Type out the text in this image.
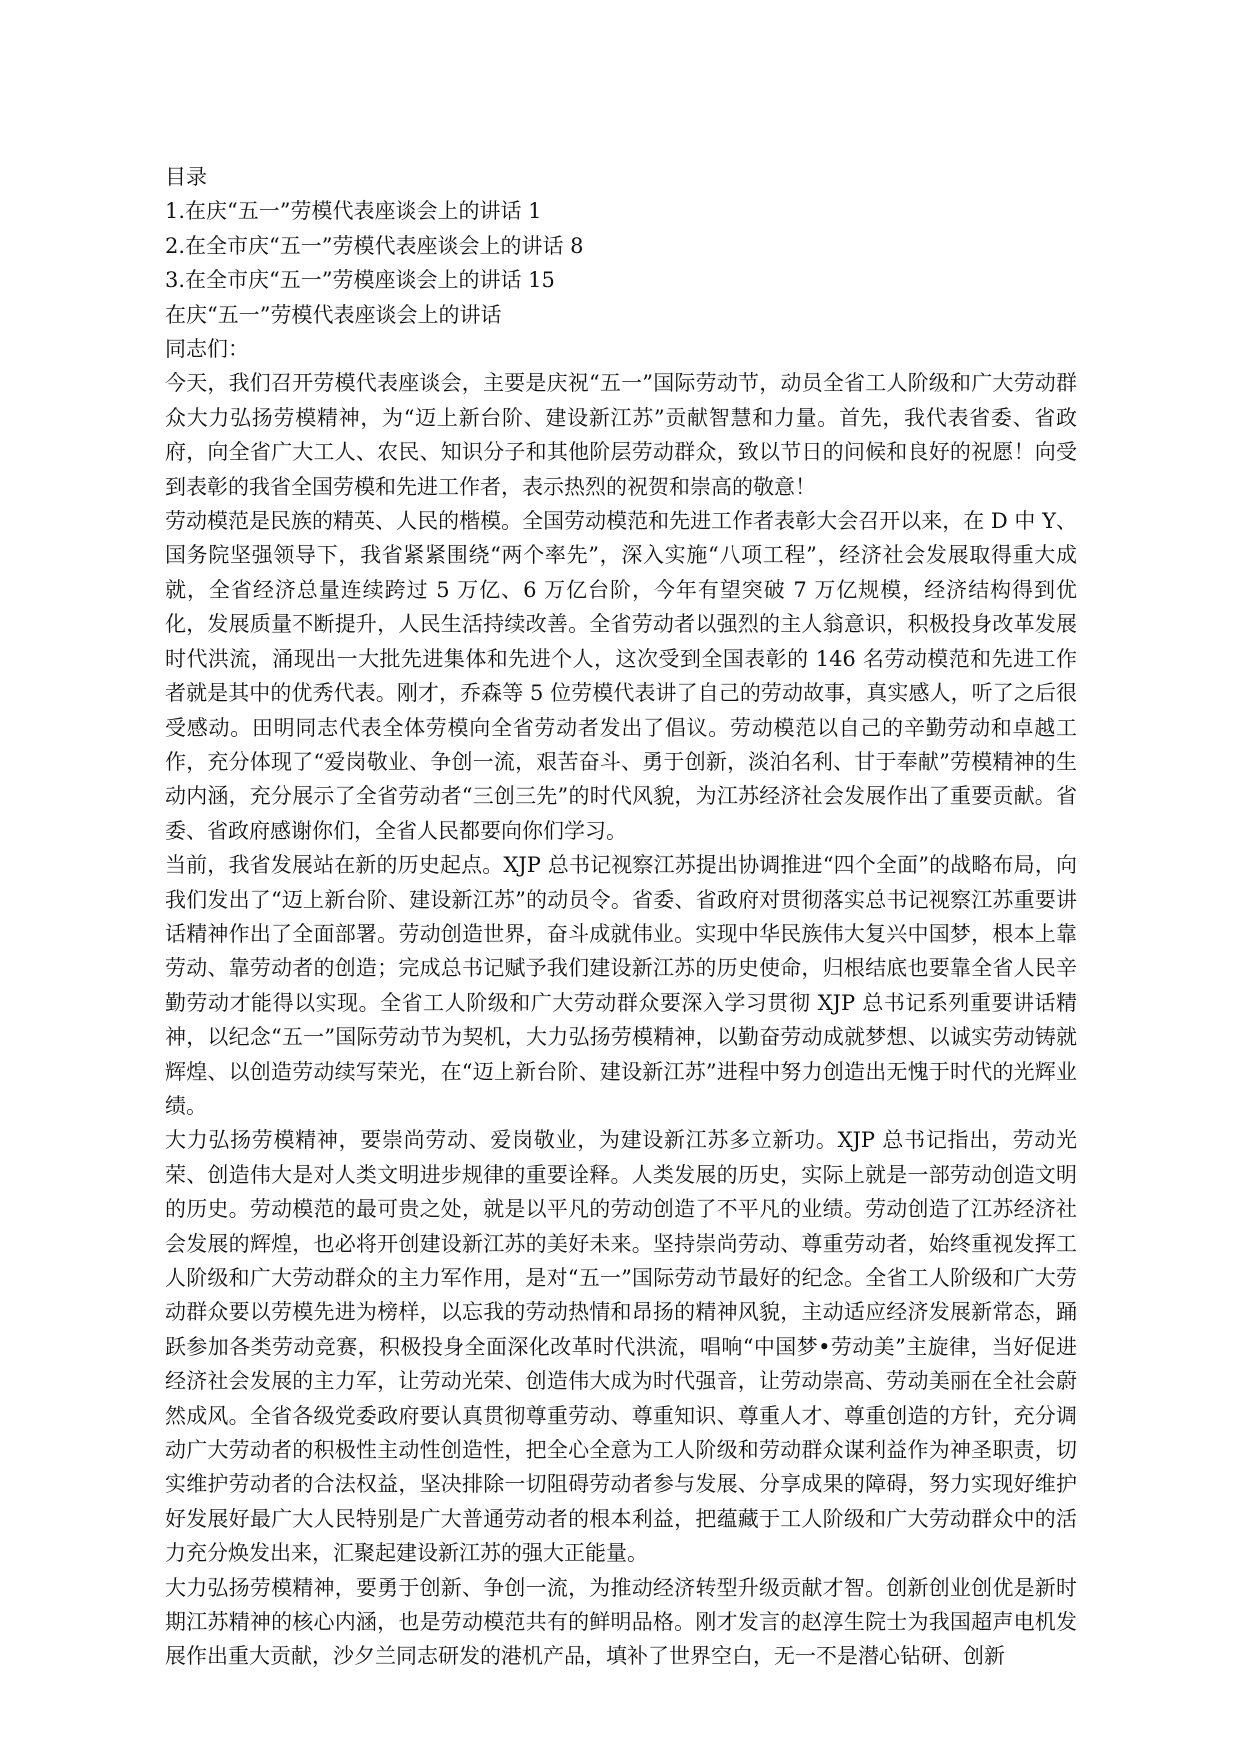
目录
1.在庆“五一”劳模代表座谈会上的讲话 1
2.在全市庆“五一”劳模代表座谈会上的讲话 8
3.在全市庆“五一”劳模座谈会上的讲话 15
在庆“五一”劳模代表座谈会上的讲话
同志们：

今天，我们召开劳模代表座谈会，主要是庆祝“五一”国际劳动节，动员全省工人阶级和广大劳动群众大力弘扬劳模精神，为“迈上新台阶、建设新江苏”贡献智慧和力量。首先，我代表省委、省政府，向全省广大工人、农民、知识分子和其他阶层劳动群众，致以节日的问候和良好的祝愿！向受到表彰的我省全国劳模和先进工作者，表示热烈的祝贺和崇高的敬意！

劳动模范是民族的精英、人民的楷模。全国劳动模范和先进工作者表彰大会召开以来，在 D 中 Y、国务院坚强领导下，我省紧紧围绕“两个率先”，深入实施“八项工程”，经济社会发展取得重大成就，全省经济总量连续跨过 5 万亿、6 万亿台阶，今年有望突破 7 万亿规模，经济结构得到优化，发展质量不断提升，人民生活持续改善。全省劳动者以强烈的主人翁意识，积极投身改革发展时代洪流，涌现出一大批先进集体和先进个人，这次受到全国表彰的 146 名劳动模范和先进工作者就是其中的优秀代表。刚才，乔森等 5 位劳模代表讲了自己的劳动故事，真实感人，听了之后很受感动。田明同志代表全体劳模向全省劳动者发出了倡议。劳动模范以自己的辛勤劳动和卓越工作，充分体现了“爱岗敬业、争创一流，艰苦奋斗、勇于创新，淡泊名利、甘于奉献”劳模精神的生动内涵，充分展示了全省劳动者“三创三先”的时代风貌，为江苏经济社会发展作出了重要贡献。省委、省政府感谢你们，全省人民都要向你们学习。

当前，我省发展站在新的历史起点。XJP 总书记视察江苏提出协调推进“四个全面”的战略布局，向我们发出了“迈上新台阶、建设新江苏”的动员令。省委、省政府对贯彻落实总书记视察江苏重要讲话精神作出了全面部署。劳动创造世界，奋斗成就伟业。实现中华民族伟大复兴中国梦，根本上靠劳动、靠劳动者的创造；完成总书记赋予我们建设新江苏的历史使命，归根结底也要靠全省人民辛勤劳动才能得以实现。全省工人阶级和广大劳动群众要深入学习贯彻 XJP 总书记系列重要讲话精神，以纪念“五一”国际劳动节为契机，大力弘扬劳模精神，以勤奋劳动成就梦想、以诚实劳动铸就辉煌、以创造劳动续写荣光，在“迈上新台阶、建设新江苏”进程中努力创造出无愧于时代的光辉业绩。

大力弘扬劳模精神，要崇尚劳动、爱岗敬业，为建设新江苏多立新功。XJP 总书记指出，劳动光荣、创造伟大是对人类文明进步规律的重要诠释。人类发展的历史，实际上就是一部劳动创造文明的历史。劳动模范的最可贵之处，就是以平凡的劳动创造了不平凡的业绩。劳动创造了江苏经济社会发展的辉煌，也必将开创建设新江苏的美好未来。坚持崇尚劳动、尊重劳动者，始终重视发挥工人阶级和广大劳动群众的主力军作用，是对“五一”国际劳动节最好的纪念。全省工人阶级和广大劳动群众要以劳模先进为榜样，以忘我的劳动热情和昂扬的精神风貌，主动适应经济发展新常态，踊跃参加各类劳动竞赛，积极投身全面深化改革时代洪流，唱响“中国梦•劳动美”主旋律，当好促进经济社会发展的主力军，让劳动光荣、创造伟大成为时代强音，让劳动崇高、劳动美丽在全社会蔚然成风。全省各级党委政府要认真贯彻尊重劳动、尊重知识、尊重人才、尊重创造的方针，充分调动广大劳动者的积极性主动性创造性，把全心全意为工人阶级和劳动群众谋利益作为神圣职责，切实维护劳动者的合法权益，坚决排除一切阻碍劳动者参与发展、分享成果的障碍，努力实现好维护好发展好最广大人民特别是广大普通劳动者的根本利益，把蕴藏于工人阶级和广大劳动群众中的活力充分焕发出来，汇聚起建设新江苏的强大正能量。

大力弘扬劳模精神，要勇于创新、争创一流，为推动经济转型升级贡献才智。创新创业创优是新时期江苏精神的核心内涵，也是劳动模范共有的鲜明品格。刚才发言的赵淳生院士为我国超声电机发展作出重大贡献，沙夕兰同志研发的港机产品，填补了世界空白，无一不是潜心钻研、创新
